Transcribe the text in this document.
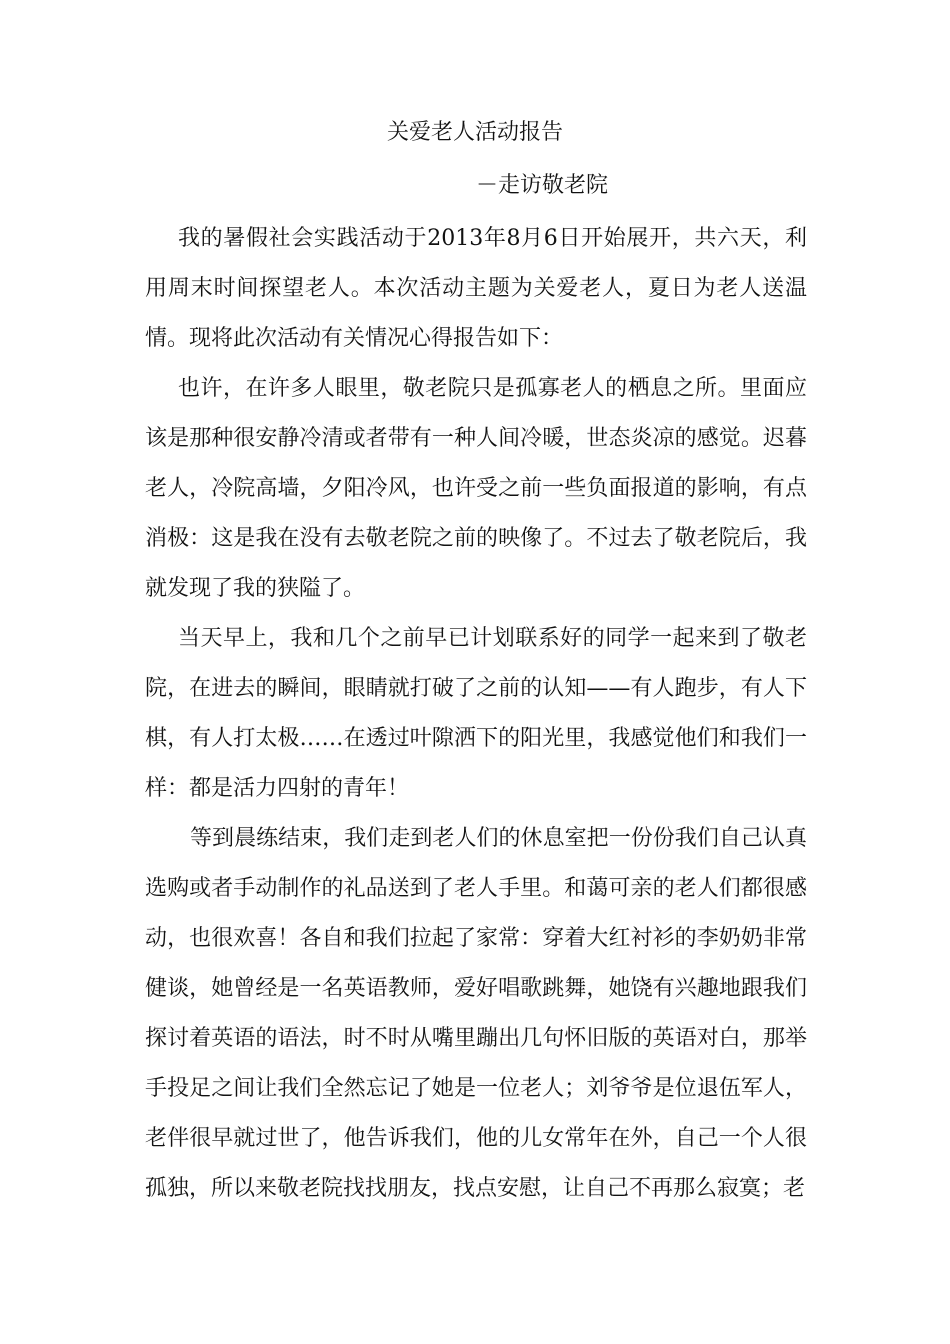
关爱老人活动报告
－走访敬老院

我的暑假社会实践活动于2013年8月6日开始展开，共六天，利用周末时间探望老人。本次活动主题为关爱老人，夏日为老人送温情。现将此次活动有关情况心得报告如下：

也许，在许多人眼里，敬老院只是孤寡老人的栖息之所。里面应该是那种很安静冷清或者带有一种人间冷暖，世态炎凉的感觉。迟暮老人，冷院高墙，夕阳冷风，也许受之前一些负面报道的影响，有点消极：这是我在没有去敬老院之前的映像了。不过去了敬老院后，我就发现了我的狭隘了。

当天早上，我和几个之前早已计划联系好的同学一起来到了敬老院，在进去的瞬间，眼睛就打破了之前的认知——有人跑步，有人下棋，有人打太极……在透过叶隙洒下的阳光里，我感觉他们和我们一样：都是活力四射的青年！

等到晨练结束，我们走到老人们的休息室把一份份我们自己认真选购或者手动制作的礼品送到了老人手里。和蔼可亲的老人们都很感动，也很欢喜！各自和我们拉起了家常：穿着大红衬衫的李奶奶非常健谈，她曾经是一名英语教师，爱好唱歌跳舞，她饶有兴趣地跟我们探讨着英语的语法，时不时从嘴里蹦出几句怀旧版的英语对白，那举手投足之间让我们全然忘记了她是一位老人；刘爷爷是位退伍军人，老伴很早就过世了，他告诉我们，他的儿女常年在外，自己一个人很孤独，所以来敬老院找找朋友，找点安慰，让自己不再那么寂寞；老
